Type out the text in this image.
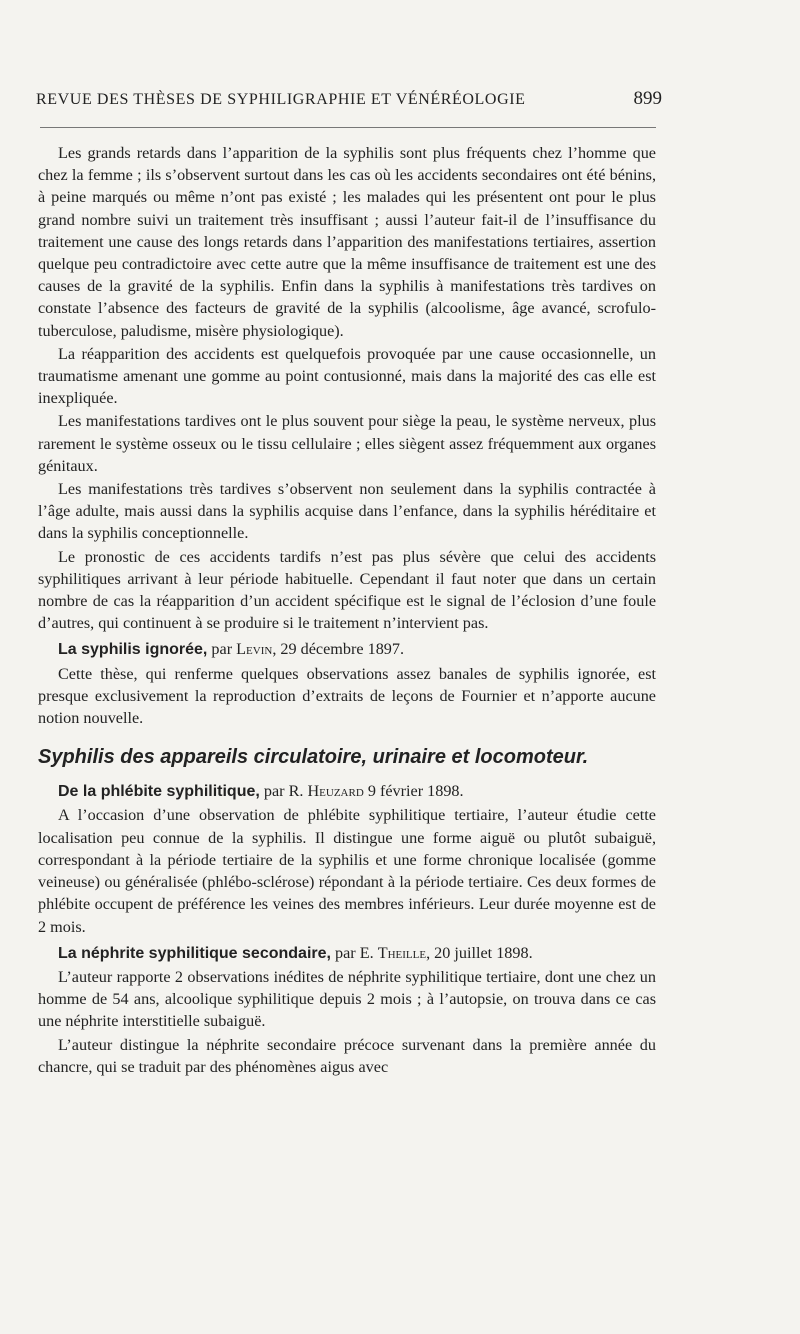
REVUE DES THÈSES DE SYPHILIGRAPHIE ET VÉNÉRÉOLOGIE	899

Les grands retards dans l’apparition de la syphilis sont plus fréquents chez l’homme que chez la femme ; ils s’observent surtout dans les cas où les accidents secondaires ont été bénins, à peine marqués ou même n’ont pas existé ; les malades qui les présentent ont pour le plus grand nombre suivi un traitement très insuffisant ; aussi l’auteur fait-il de l’insuffisance du traitement une cause des longs retards dans l’apparition des manifestations tertiaires, assertion quelque peu contradictoire avec cette autre que la même insuffisance de traitement est une des causes de la gravité de la syphilis. Enfin dans la syphilis à manifestations très tardives on constate l’absence des facteurs de gravité de la syphilis (alcoolisme, âge avancé, scrofulo-tuberculose, paludisme, misère physiologique).

La réapparition des accidents est quelquefois provoquée par une cause occasionnelle, un traumatisme amenant une gomme au point contusionné, mais dans la majorité des cas elle est inexpliquée.

Les manifestations tardives ont le plus souvent pour siège la peau, le système nerveux, plus rarement le système osseux ou le tissu cellulaire ; elles siègent assez fréquemment aux organes génitaux.

Les manifestations très tardives s’observent non seulement dans la syphilis contractée à l’âge adulte, mais aussi dans la syphilis acquise dans l’enfance, dans la syphilis héréditaire et dans la syphilis conceptionnelle.

Le pronostic de ces accidents tardifs n’est pas plus sévère que celui des accidents syphilitiques arrivant à leur période habituelle. Cependant il faut noter que dans un certain nombre de cas la réapparition d’un accident spécifique est le signal de l’éclosion d’une foule d’autres, qui continuent à se produire si le traitement n’intervient pas.

La syphilis ignorée, par Levin, 29 décembre 1897.

Cette thèse, qui renferme quelques observations assez banales de syphilis ignorée, est presque exclusivement la reproduction d’extraits de leçons de Fournier et n’apporte aucune notion nouvelle.

Syphilis des appareils circulatoire, urinaire et locomoteur.

De la phlébite syphilitique, par R. Heuzard 9 février 1898.

A l’occasion d’une observation de phlébite syphilitique tertiaire, l’auteur étudie cette localisation peu connue de la syphilis. Il distingue une forme aiguë ou plutôt subaiguë, correspondant à la période tertiaire de la syphilis et une forme chronique localisée (gomme veineuse) ou généralisée (phlébo-sclérose) répondant à la période tertiaire. Ces deux formes de phlébite occupent de préférence les veines des membres inférieurs. Leur durée moyenne est de 2 mois.

La néphrite syphilitique secondaire, par E. Theille, 20 juillet 1898.

L’auteur rapporte 2 observations inédites de néphrite syphilitique tertiaire, dont une chez un homme de 54 ans, alcoolique syphilitique depuis 2 mois ; à l’autopsie, on trouva dans ce cas une néphrite interstitielle subaiguë.

L’auteur distingue la néphrite secondaire précoce survenant dans la première année du chancre, qui se traduit par des phénomènes aigus avec
